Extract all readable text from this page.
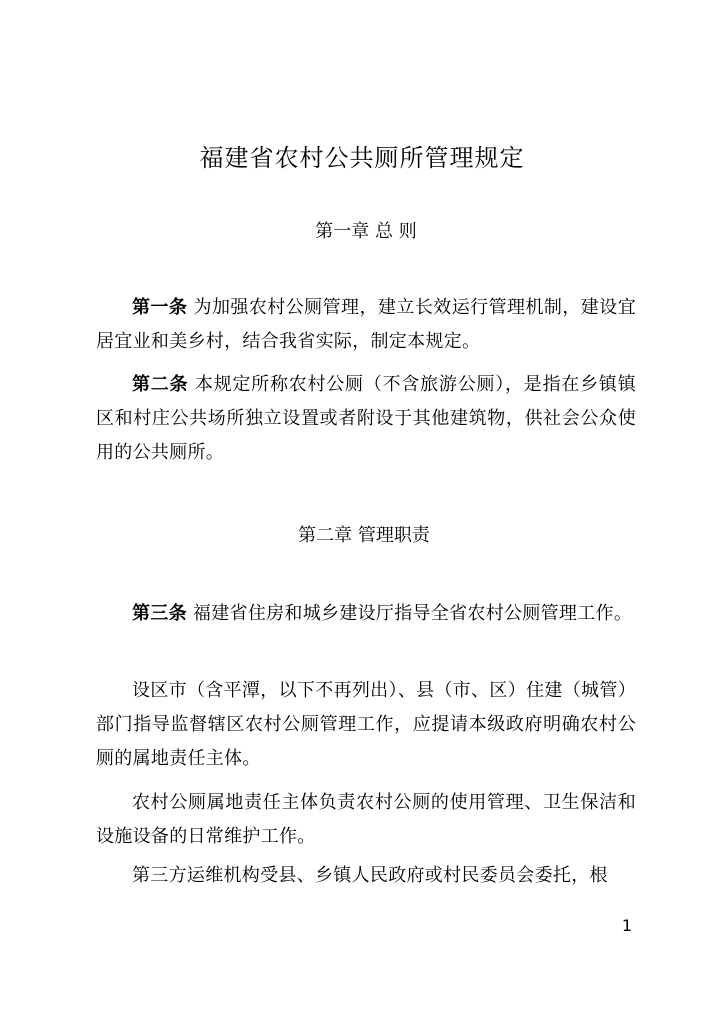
福建省农村公共厕所管理规定
第一章 总 则

第一条 为加强农村公厕管理，建立长效运行管理机制，建设宜居宜业和美乡村，结合我省实际，制定本规定。

第二条 本规定所称农村公厕（不含旅游公厕），是指在乡镇镇区和村庄公共场所独立设置或者附设于其他建筑物，供社会公众使用的公共厕所。

第二章 管理职责

第三条 福建省住房和城乡建设厅指导全省农村公厕管理工作。

设区市（含平潭，以下不再列出）、县（市、区）住建（城管）部门指导监督辖区农村公厕管理工作，应提请本级政府明确农村公厕的属地责任主体。

农村公厕属地责任主体负责农村公厕的使用管理、卫生保洁和设施设备的日常维护工作。

第三方运维机构受县、乡镇人民政府或村民委员会委托，根

1
